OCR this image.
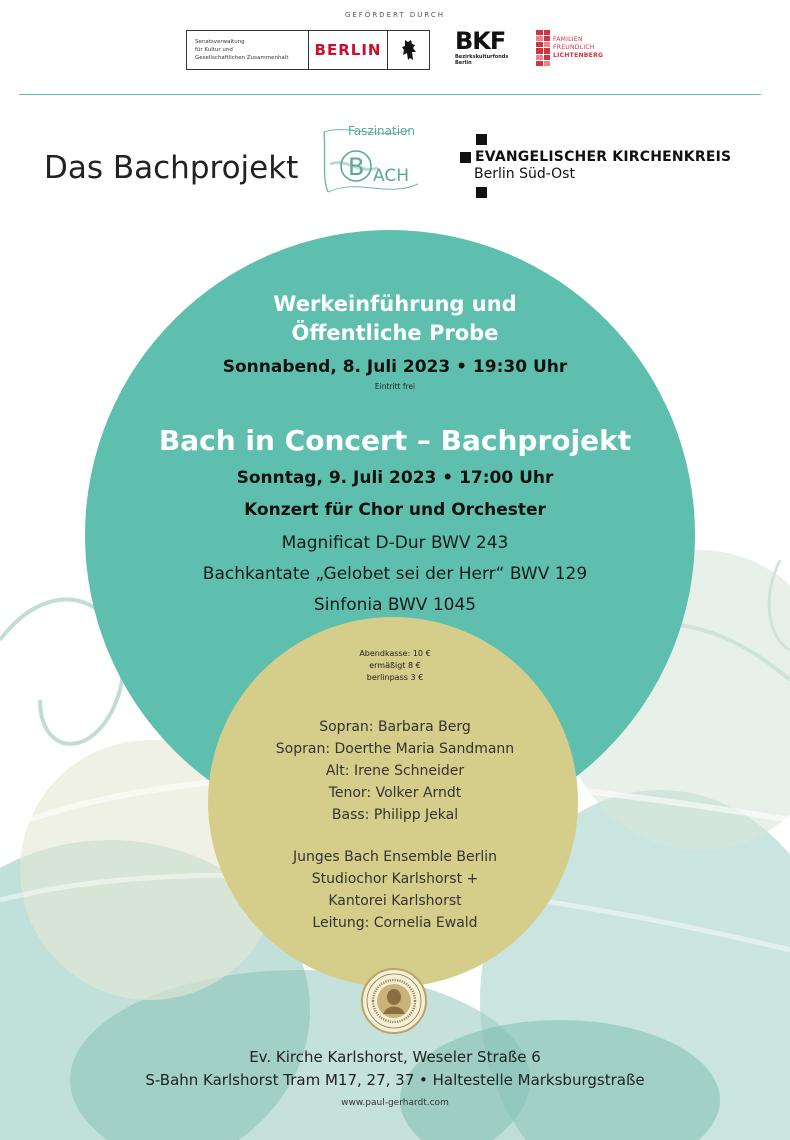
GEFÖRDERT DURCH
Senatsverwaltung
für Kultur und
Gesellschaftlichen Zusammenhalt	BERLIN	BKF
Bezirkskulturfonds
Berlin
FAMILIEN
FREUNDLICH
LICHTENBERG
Das Bachprojekt
Faszination
B ACH
EVANGELISCHER KIRCHENKREIS
Berlin Süd-Ost
Werkeinführung und
Öffentliche Probe
Sonnabend, 8. Juli 2023 • 19:30 Uhr
Eintritt frei
Bach in Concert – Bachprojekt
Sonntag, 9. Juli 2023 • 17:00 Uhr
Konzert für Chor und Orchester
Magnificat D-Dur BWV 243
Bachkantate „Gelobet sei der Herr“ BWV 129
Sinfonia BWV 1045
Abendkasse: 10 €
ermäßigt 8 €
berlinpass 3 €
Sopran: Barbara Berg
Sopran: Doerthe Maria Sandmann
Alt: Irene Schneider
Tenor: Volker Arndt
Bass: Philipp Jekal
Junges Bach Ensemble Berlin
Studiochor Karlshorst +
Kantorei Karlshorst
Leitung: Cornelia Ewald
Ev. Kirche Karlshorst, Weseler Straße 6
S-Bahn Karlshorst Tram M17, 27, 37 • Haltestelle Marksburgstraße
www.paul-gerhardt.com
